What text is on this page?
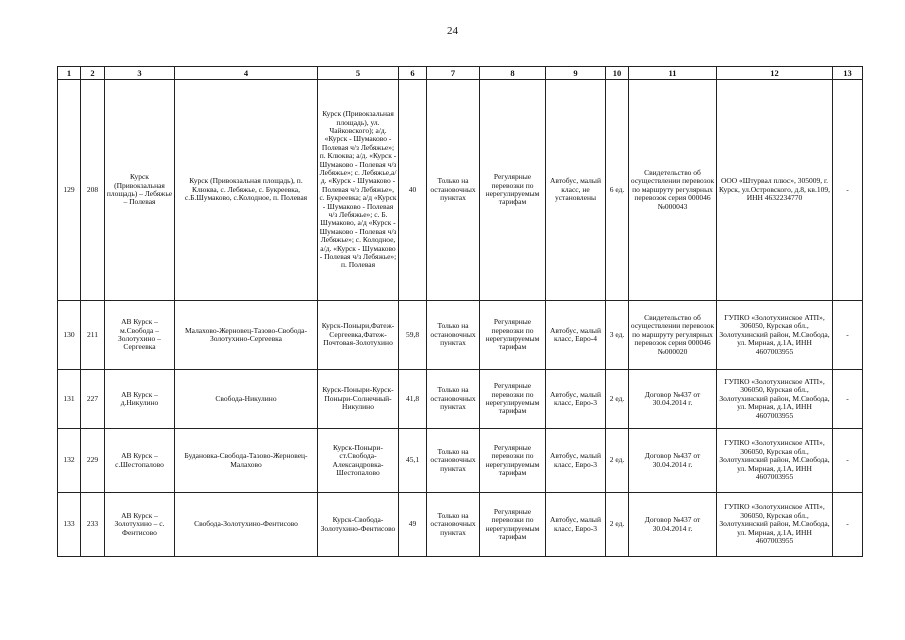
24
1	2	3	4	5	6	7	8	9	10	11	12	13
129	208	Курск (Привокзальная площадь) – Лебяжье – Полевая	Курск (Привокзальная площадь), п. Клюква, с. Лебяжье, с. Букреевка, с.Б.Шумаково, с.Колодное, п. Полевая	Курск (Привокзальная площадь), ул. Чайковского); а/д. «Курск - Шумаково - Полевая ч/з Лебяжье»; п. Клюква; а/д. «Курск - Шумаково - Полевая ч/з Лебяжье»; с. Лебяжье,а/д. «Курск - Шумаково - Полевая ч/з Лебяжье», с. Букреевка; а/д «Курск - Шумаково - Полевая ч/з Лебяжье»; с. Б. Шумаково, а/д «Курск - Шумаково - Полевая ч/з Лебяжье»; с. Колодное, а/д. «Курск - Шумаково - Полевая ч/з Лебяжье»; п. Полевая	40	Только на остановочных пунктах	Регулярные перевозки по нерегулируемым тарифам	Автобус, малый класс, не установлены	6 ед.	Свидетельство об осуществлении перевозок по маршруту регулярных перевозок серия 000046 №000043	ООО «Штурвал плюс», 305009, г. Курск, ул.Островского, д.8, кв.109, ИНН 4632234770	-
130	211	АВ Курск – м.Свобода – Золотухино – Сергеевка	Малахово-Жерновец-Тазово-Свобода-Золотухино-Сергеевка	Курск-Поныри,Фатеж-Сергеевка,Фатеж-Почтовая-Золотухино	59,8	Только на остановочных пунктах	Регулярные перевозки по нерегулируемым тарифам	Автобус, малый класс, Евро-4	3 ед.	Свидетельство об осуществлении перевозок по маршруту регулярных перевозок серия 000046 №000020	ГУПКО «Золотухинское АТП», 306050, Курская обл., Золотухинский район, М.Свобода, ул. Мирная, д.1А, ИНН 4607003955	-
131	227	АВ Курск – д.Никулино	Свобода-Никулино	Курск-Поныри-Курск-Поныри-Солнечный-Никулино	41,8	Только на остановочных пунктах	Регулярные перевозки по нерегулируемым тарифам	Автобус, малый класс, Евро-3	2 ед.	Договор №437 от 30.04.2014 г.	ГУПКО «Золотухинское АТП», 306050, Курская обл., Золотухинский район, М.Свобода, ул. Мирная, д.1А, ИНН 4607003955	-
132	229	АВ Курск – с.Шестопалово	Будановка-Свобода-Тазово-Жерновец-Малахово	Курск-Поныри-ст.Свобода-Александровка-Шестопалово	45,1	Только на остановочных пунктах	Регулярные перевозки по нерегулируемым тарифам	Автобус, малый класс, Евро-3	2 ед.	Договор №437 от 30.04.2014 г.	ГУПКО «Золотухинское АТП», 306050, Курская обл., Золотухинский район, М.Свобода, ул. Мирная, д.1А, ИНН 4607003955	-
133	233	АВ Курск – Золотухино – с. Фентисово	Свобода-Золотухино-Фентисово	Курск-Свобода-Золотухино-Фентисово	49	Только на остановочных пунктах	Регулярные перевозки по нерегулируемым тарифам	Автобус, малый класс, Евро-3	2 ед.	Договор №437 от 30.04.2014 г.	ГУПКО «Золотухинское АТП», 306050, Курская обл., Золотухинский район, М.Свобода, ул. Мирная, д.1А, ИНН 4607003955	-
